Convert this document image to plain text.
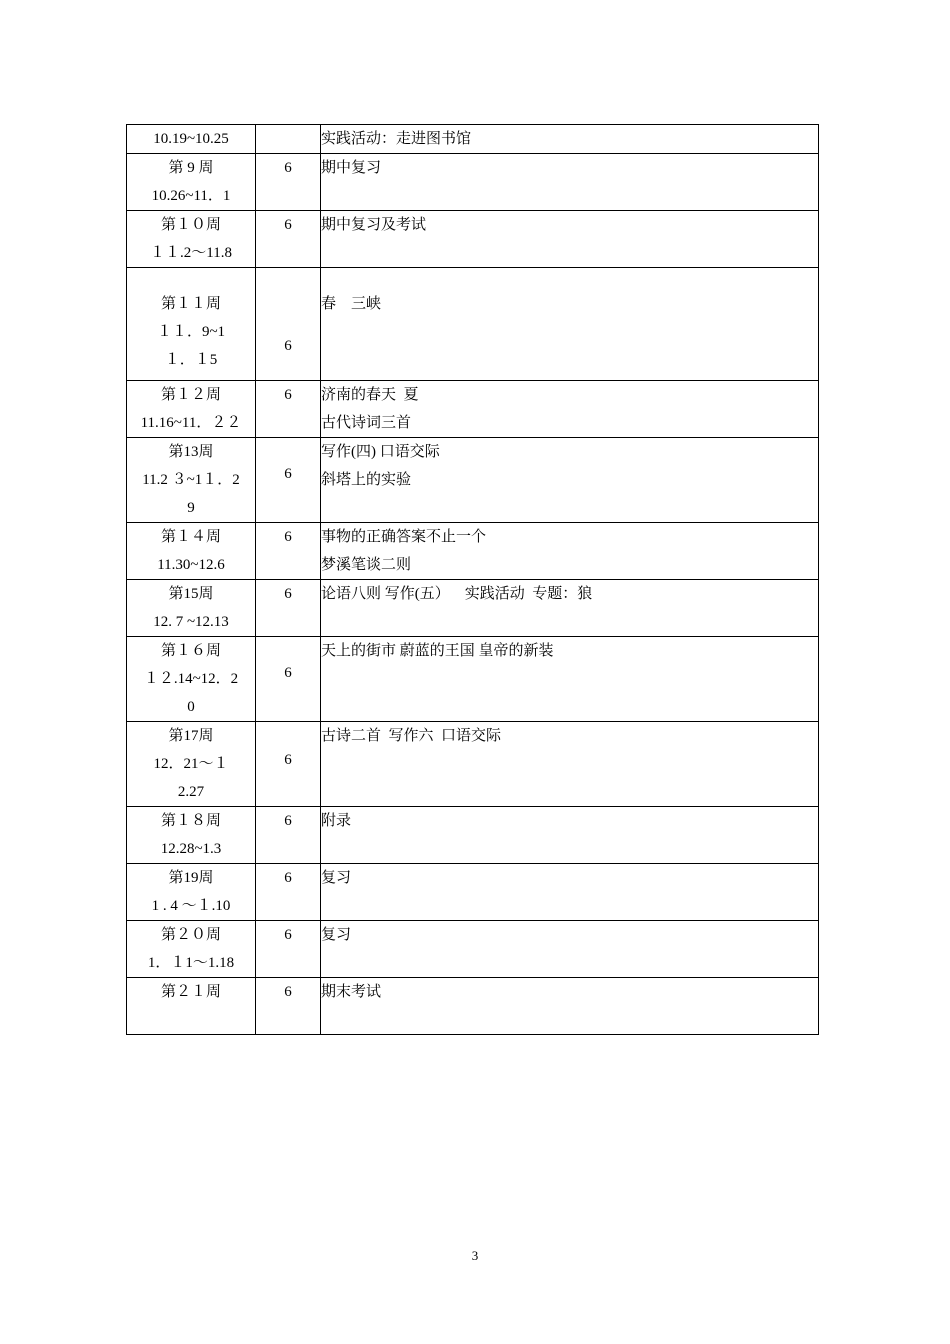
10.19~10.25		实践活动：走进图书馆

第 9 周
10.26~11．1	6	期中复习

第１０周
１１.2～11.8	6	期中复习及考试

第１１周
１１．9~1
１．１5	6	春　三峡

第１２周
11.16~11．２２	6	济南的春天  夏
古代诗词三首

第13周
11.2 ３~1１．2
9	6	写作(四) 口语交际
斜塔上的实验

第１４周
11.30~12.6	6	事物的正确答案不止一个
梦溪笔谈二则

第15周
12. 7 ~12.13	6	论语八则 写作(五）    实践活动  专题：狼

第１６周
１２.14~12．2
0	6	天上的街市 蔚蓝的王国 皇帝的新装

第17周
12．21～１
2.27	6	古诗二首  写作六  口语交际

第１８周
12.28~1.3	6	附录

第19周
1 . 4 ～１.10	6	复习

第２０周
1．１1～1.18	6	复习

第２１周	6	期末考试
3
